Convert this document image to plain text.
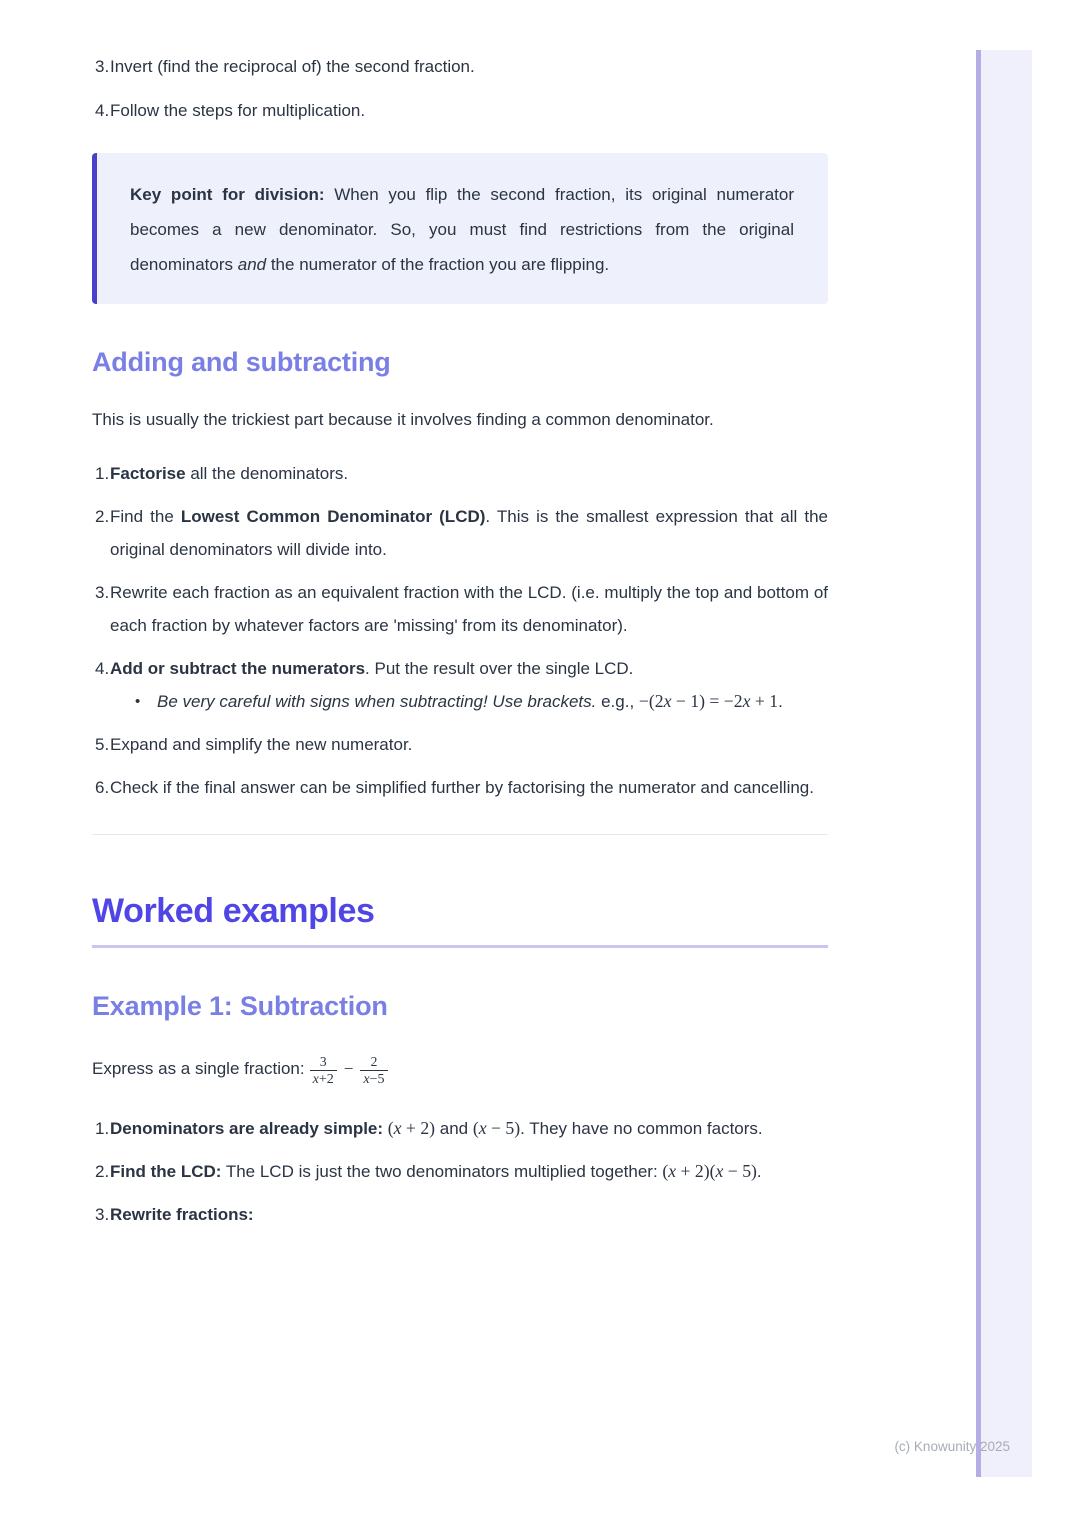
3. Invert (find the reciprocal of) the second fraction.
4. Follow the steps for multiplication.

Key point for division: When you flip the second fraction, its original numerator becomes a new denominator. So, you must find restrictions from the original denominators and the numerator of the fraction you are flipping.

Adding and subtracting

This is usually the trickiest part because it involves finding a common denominator.

1. Factorise all the denominators.
2. Find the Lowest Common Denominator (LCD). This is the smallest expression that all the original denominators will divide into.
3. Rewrite each fraction as an equivalent fraction with the LCD. (i.e. multiply the top and bottom of each fraction by whatever factors are 'missing' from its denominator).
4. Add or subtract the numerators. Put the result over the single LCD.
• Be very careful with signs when subtracting! Use brackets. e.g., −(2x − 1) = −2x + 1.
5. Expand and simplify the new numerator.
6. Check if the final answer can be simplified further by factorising the numerator and cancelling.
Worked examples
Example 1: Subtraction
Express as a single fraction: $\frac{3}{x+2} - \frac{2}{x-5}$
1. Denominators are already simple: (x + 2) and (x − 5). They have no common factors.
2. Find the LCD: The LCD is just the two denominators multiplied together: (x + 2)(x − 5).
3. Rewrite fractions:
(c) Knowunity 2025
